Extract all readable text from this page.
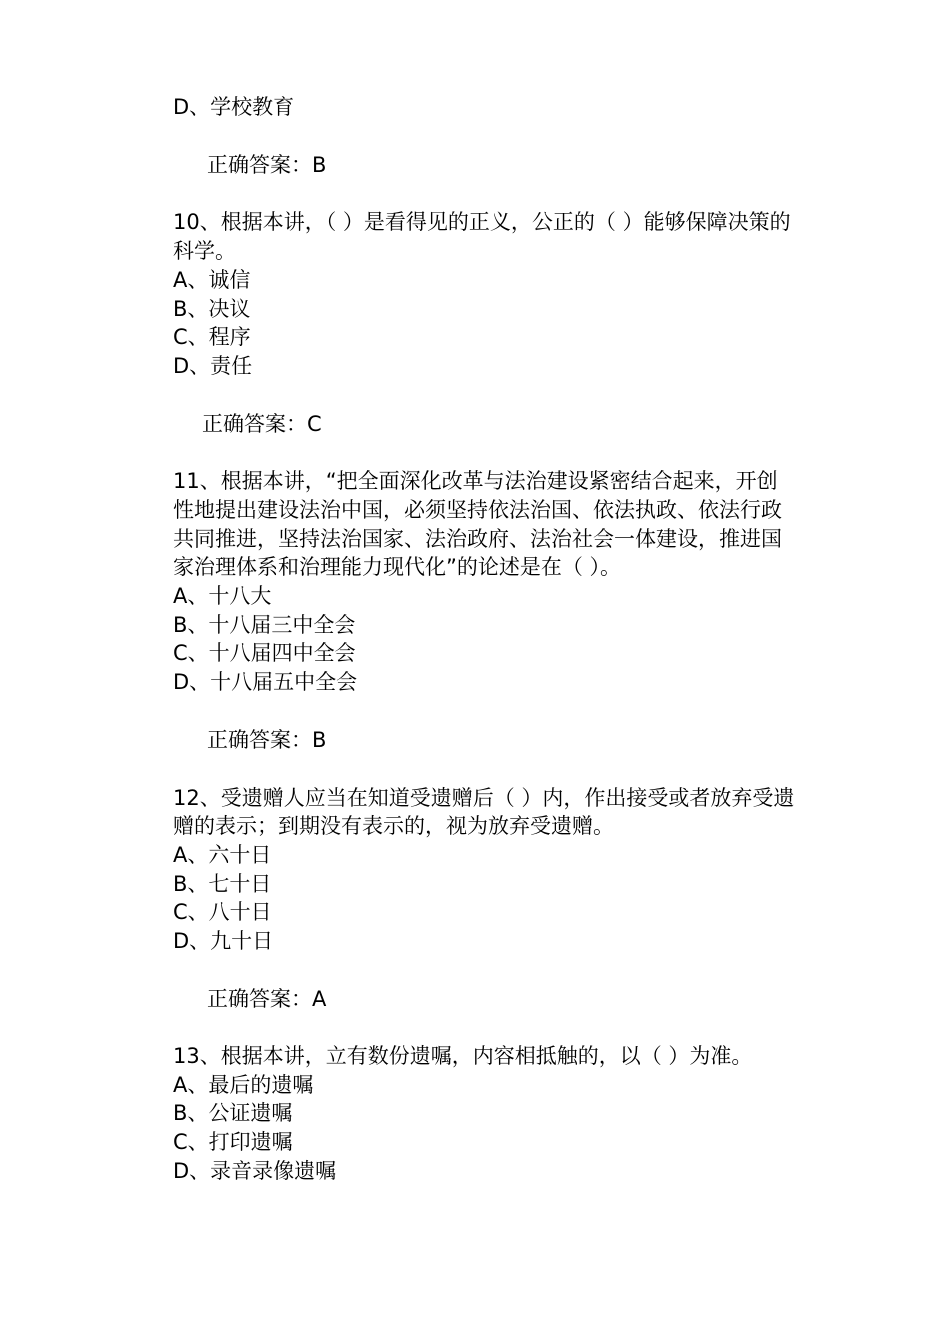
D、学校教育
正确答案：B
10、根据本讲，（ ）是看得见的正义，公正的（ ）能够保障决策的
科学。
A、诚信
B、决议
C、程序
D、责任
正确答案：C
11、根据本讲，“把全面深化改革与法治建设紧密结合起来，开创
性地提出建设法治中国，必须坚持依法治国、依法执政、依法行政
共同推进，坚持法治国家、法治政府、法治社会一体建设，推进国
家治理体系和治理能力现代化”的论述是在（ ）。
A、十八大
B、十八届三中全会
C、十八届四中全会
D、十八届五中全会
正确答案：B
12、受遗赠人应当在知道受遗赠后（ ）内，作出接受或者放弃受遗
赠的表示；到期没有表示的，视为放弃受遗赠。
A、六十日
B、七十日
C、八十日
D、九十日
正确答案：A
13、根据本讲，立有数份遗嘱，内容相抵触的，以（ ）为准。
A、最后的遗嘱
B、公证遗嘱
C、打印遗嘱
D、录音录像遗嘱
